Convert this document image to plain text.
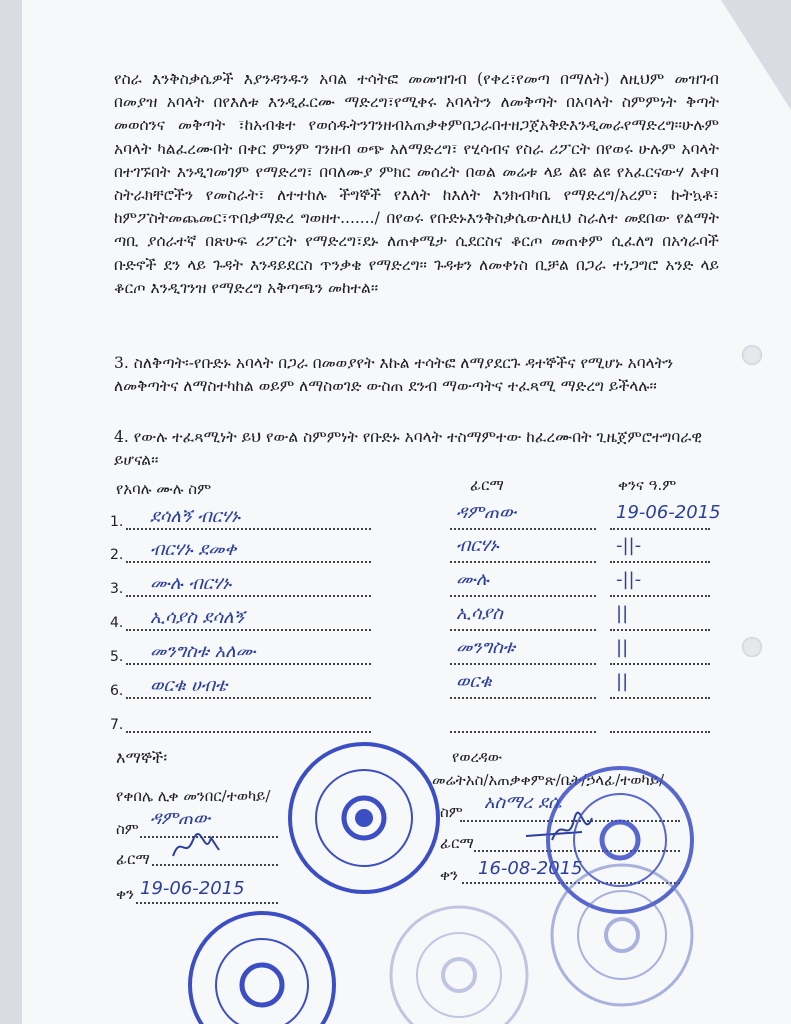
የስራ እንቅስቃሴዎች እያንዳንዱን አባል ተሳትፎ መመዝገብ (የቀረ፣የመጣ በማለት) ለዚህም መዝገብ በመያዝ አባላት በየእለቱ እንዲፈርሙ ማድረግ፣የሚቀሩ አባላትን ለመቅጣት በአባላት ስምምነት ቅጣት መወሰንና መቅጣት ፣ከአብቁተ የወሰዱትንገንዘብአጠቃቀምበጋራበተዘጋጀአቅድእንዲመራየማድረግ፡፡ሁሉም አባላት ካልፈረሙበት በቀር ምንም ገንዘብ ወጭ አለማድረግ፣ የሂሳብና የስራ ሪፖርት በየወሩ ሁሉም አባላት በተገኙበት እንዲገመገም የማድረግ፣ በባለሙያ ምክር መሰረት በወል መሬቱ ላይ ልዩ ልዩ የአፈርናውሃ እቀባ ስትራክቸሮችን የመስራት፣ ለተተከሉ ችግኞች የእለት ከእለት እንክብካቤ የማድረግ/አረም፣ ኩትኳቶ፣ ከምፖስትመጨመር፣ጥበቃማድረ ግወዘተ......./ በየወሩ የቡድኑእንቅስቃሴውለዚህ ስራለተ መደበው የልማት ጣቢ ያሰራተኛ በጽሁፍ ሪፖርት የማድረግ፣ደኑ ለጠቀሜታ ሲደርስና ቆርጦ መጠቀም ሲፈለግ በአጎራባች ቡድኖች ደን ላይ ጉዳት እንዳይደርስ ጥንቃቄ የማድረግ፡፡ ጉዳቱን ለመቀነስ ቢቻል በጋራ ተነጋግሮ አንድ ላይ ቆርጦ እንዲገንዝ የማድረግ አቅጣጫን መከተል፡፡
3. ስለቅጣት፡-የቡድኑ አባላት በጋራ በመወያየት እኩል ተሳትፎ ለማያደርጉ ዳተኞችና የሚሆኑ አባላትን ለመቅጣትና ለማስተካከል ወይም ለማስወገድ ውስጠ ደንብ ማውጣትና ተፈጻሚ ማድረግ ይችላሉ፡፡
4. የውሉ ተፈጻሚነት ይህ የውል ስምምነት የቡድኑ አባላት ተስማምተው ከፈረሙበት ጊዜጀምሮተግባራዊ ይሆናል፡፡
የአባሉ ሙሉ ስም	ፊርማ	ቀንና ዓ.ም
1. ደሳለኝ ብርሃኑ	ዳምጠው	19-06-2015
2. ብርሃኑ ደመቀ	ብርሃኑ	-||-
3. ሙሉ ብርሃኑ	ሙሉ	-||-
4. ኢሳያስ ደሳለኝ	ኢሳያስ	||
5. መንግስቱ አለሙ	መንግስቱ	||
6. ወርቁ ሀብቴ	ወርቁ	||
7.
እማኞች፡
የቀበሌ ሊቀ መንበር/ተወካይ/
ስም ዳምጠው
ፊርማ
ቀን 19-06-2015
የወረዳው
መሬትአስ/አጠቃቀምጽ/ቤት/ኃላፊ/ተወካይ/
ስም አስማረ ደሴ
ፊርማ
ቀን 16-08-2015
